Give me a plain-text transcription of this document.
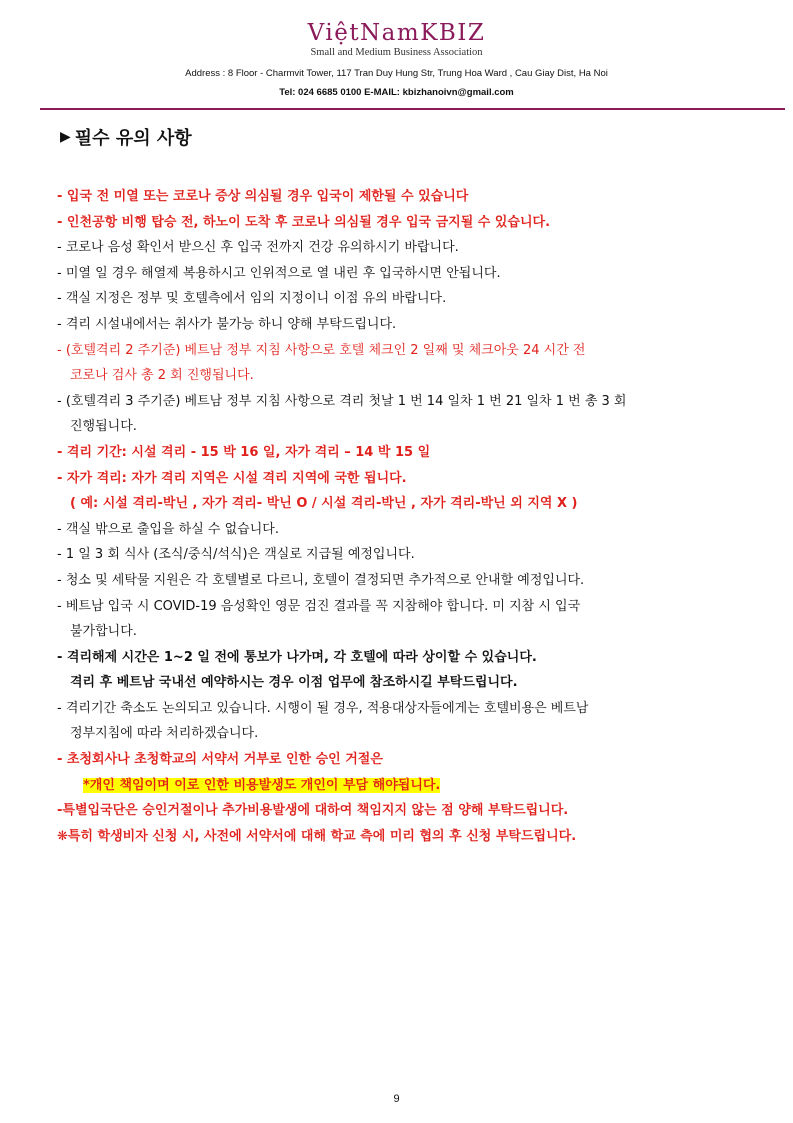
ViệtNamKBIZ
Small and Medium Business Association
Address : 8 Floor - Charmvit Tower, 117 Tran Duy Hung Str, Trung Hoa Ward , Cau Giay Dist, Ha Noi
Tel: 024 6685 0100 E-MAIL: kbizhanoivn@gmail.com
▶ 필수 유의 사항
- 입국 전 미열 또는 코로나 증상 의심될 경우 입국이 제한될 수 있습니다
- 인천공항 비행 탑승 전, 하노이 도착 후 코로나 의심될 경우 입국 금지될 수 있습니다.
- 코로나 음성 확인서 받으신 후 입국 전까지 건강 유의하시기 바랍니다.
- 미열 일 경우 해열제 복용하시고 인위적으로 열 내린 후 입국하시면 안됩니다.
- 객실 지정은 정부 및 호텔측에서 임의 지정이니 이점 유의 바랍니다.
- 격리 시설내에서는 취사가 불가능 하니 양해 부탁드립니다.
- (호텔격리 2 주기준) 베트남 정부 지침 사항으로 호텔 체크인 2 일째 및 체크아웃 24 시간 전
코로나 검사 총 2 회 진행됩니다.
- (호텔격리 3 주기준) 베트남 정부 지침 사항으로 격리 첫날 1 번 14 일차 1 번 21 일차 1 번 총 3 회
진행됩니다.
- 격리 기간: 시설 격리 - 15 박 16 일, 자가 격리 – 14 박 15 일
- 자가 격리: 자가 격리 지역은 시설 격리 지역에 국한 됩니다.
( 예: 시설 격리-박닌 , 자가 격리- 박닌 O / 시설 격리-박닌 , 자가 격리-박닌 외 지역 X )
- 객실 밖으로 출입을 하실 수 없습니다.
- 1 일 3 회 식사 (조식/중식/석식)은 객실로 지급될 예정입니다.
- 청소 및 세탁물 지원은 각 호텔별로 다르니, 호텔이 결정되면 추가적으로 안내할 예정입니다.
- 베트남 입국 시 COVID-19 음성확인 영문 검진 결과를 꼭 지참해야 합니다. 미 지참 시 입국
불가합니다.
- 격리해제 시간은 1~2 일 전에 통보가 나가며, 각 호텔에 따라 상이할 수 있습니다.
격리 후 베트남 국내선 예약하시는 경우 이점 업무에 참조하시길 부탁드립니다.
- 격리기간 축소도 논의되고 있습니다. 시행이 될 경우, 적용대상자들에게는 호텔비용은 베트남
정부지침에 따라 처리하겠습니다.
- 초청회사나 초청학교의 서약서 거부로 인한 승인 거절은
*개인 책임이며 이로 인한 비용발생도 개인이 부담 해야됩니다.
-특별입국단은 승인거절이나 추가비용발생에 대하여 책임지지 않는 점 양해 부탁드립니다.
❋특히 학생비자 신청 시, 사전에 서약서에 대해 학교 측에 미리 협의 후 신청 부탁드립니다.
9
